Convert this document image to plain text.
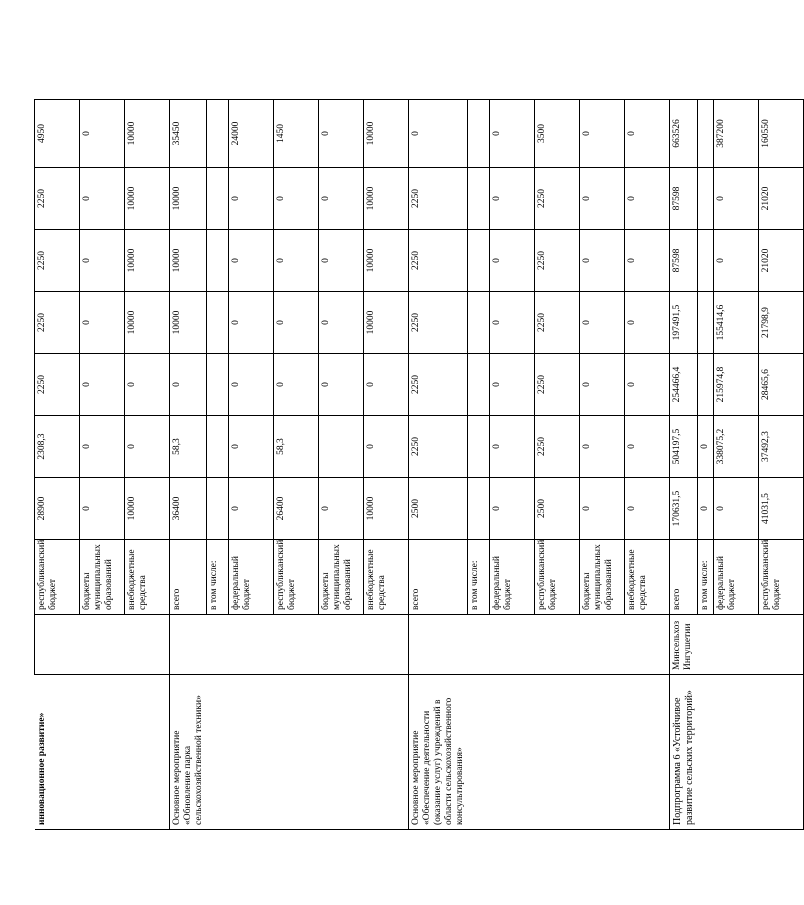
инновационное развитие»		республиканский бюджет	28900	2308,3	2250	2250	2250	2250	4950
		бюджеты муниципальных образований	0	0	0	0	0	0	0
		внебюджетные средства	10000	0	0	10000	10000	10000	10000
Основное мероприятие «Обновление парка сельскохозяйственной техники»		всего	36400	58,3	0	10000	10000	10000	35450
		в том числе:							
		федеральный бюджет	0	0	0	0	0	0	24000
		республиканский бюджет	26400	58,3	0	0	0	0	1450
		бюджеты муниципальных образований	0		0	0	0	0	0
		внебюджетные средства	10000	0	0	10000	10000	10000	10000
Основное мероприятие «Обеспечение деятельности (оказание услуг) учреждений в области сельскохозяйственного консультирования»		всего	2500	2250	2250	2250	2250	2250	0
		в том числе:							
		федеральный бюджет	0	0	0	0	0	0	0
		республиканский бюджет	2500	2250	2250	2250	2250	2250	3500
		бюджеты муниципальных образований	0	0	0	0	0	0	0
		внебюджетные средства	0	0	0	0	0	0	0
Подпрограмма 6 «Устойчивое развитие сельских территорий»	Минсельхоз Ингушетии	всего	170631,5	504197,5	254466,4	197491,5	87598	87598	663526
		в том числе:	0	0					
		федеральный бюджет	0	338075,2	215974,8	155414,6	0	0	387200
		республиканский бюджет	41031,5	37492,3	28465,6	21798,9	21020	21020	160550
